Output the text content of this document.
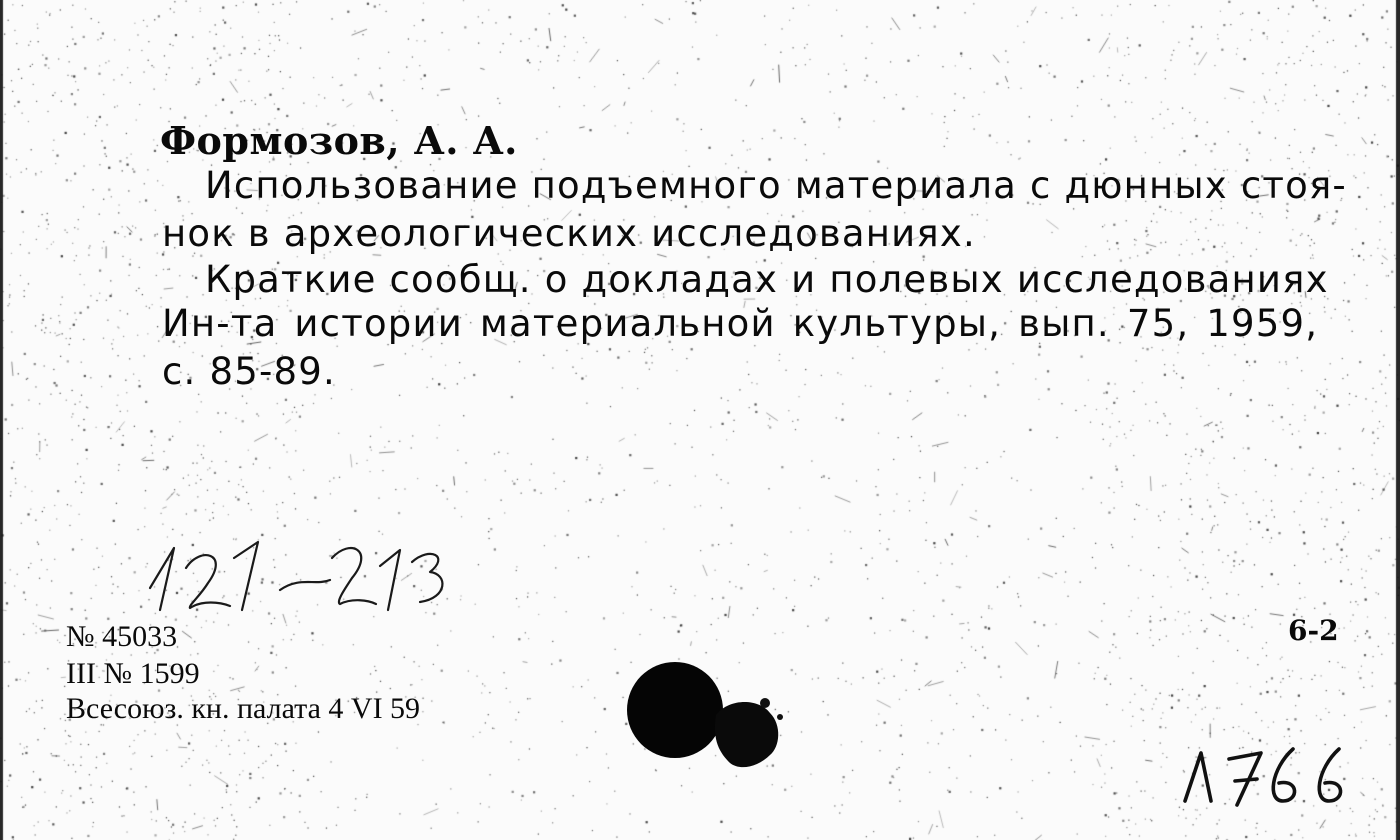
Формозов, А. А.
Использование подъемного материала с дюнных стоя-
нок в археологических исследованиях.
Краткие сообщ. о докладах и полевых исследованиях
Ин-та истории материальной культуры, вып. 75, 1959,
с. 85-89.
№ 45033
III № 1599
Всесоюз. кн. палата 4 VI 59
6-2
